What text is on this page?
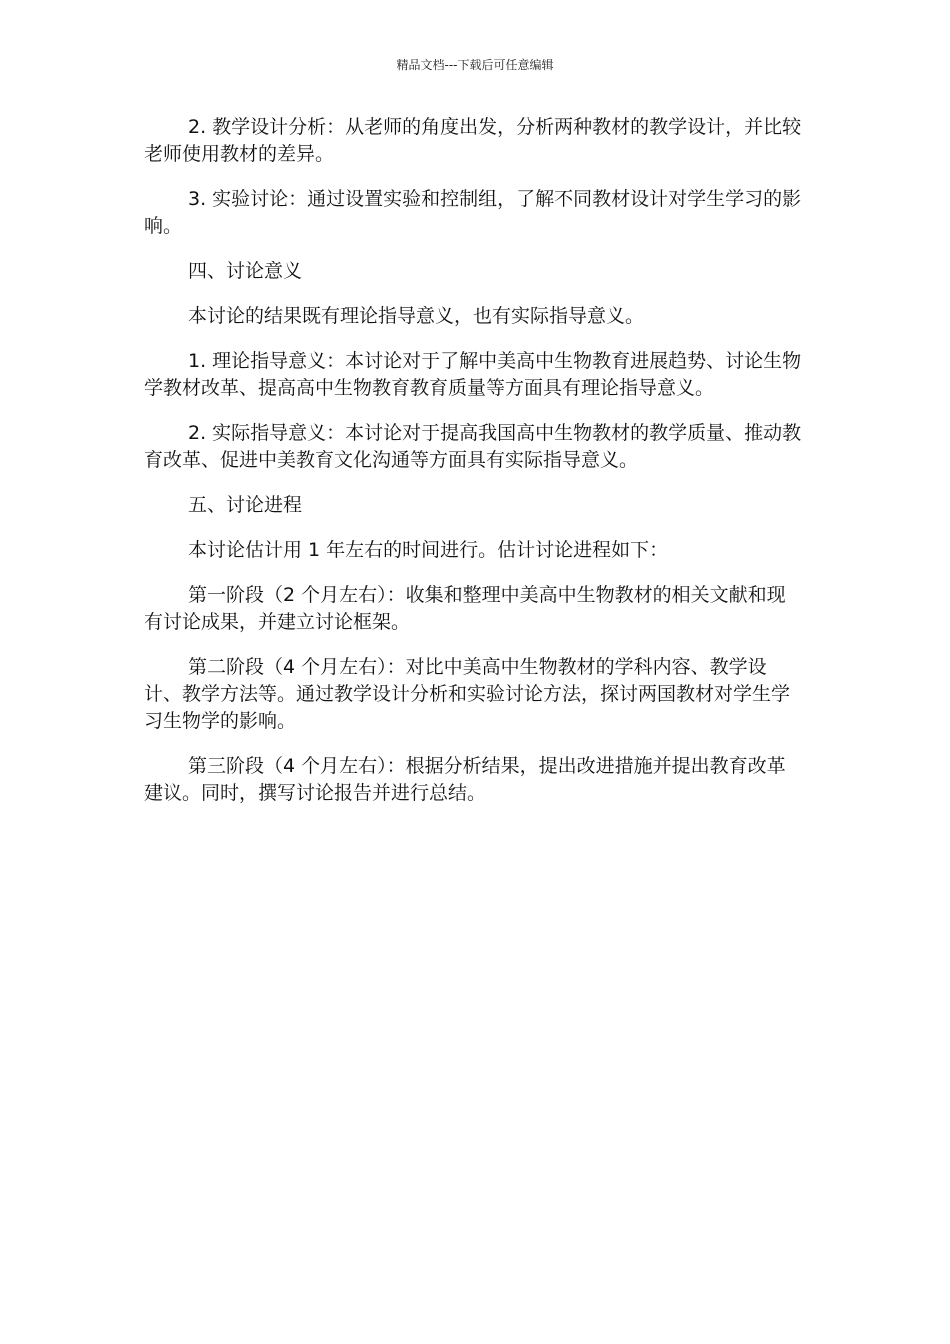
精品文档---下载后可任意编辑

2. 教学设计分析：从老师的角度出发，分析两种教材的教学设计，并比较老师使用教材的差异。

3. 实验讨论：通过设置实验和控制组，了解不同教材设计对学生学习的影响。

四、讨论意义

本讨论的结果既有理论指导意义，也有实际指导意义。

1. 理论指导意义：本讨论对于了解中美高中生物教育进展趋势、讨论生物学教材改革、提高高中生物教育教育质量等方面具有理论指导意义。

2. 实际指导意义：本讨论对于提高我国高中生物教材的教学质量、推动教育改革、促进中美教育文化沟通等方面具有实际指导意义。

五、讨论进程

本讨论估计用 1 年左右的时间进行。估计讨论进程如下：

第一阶段（2 个月左右）：收集和整理中美高中生物教材的相关文献和现有讨论成果，并建立讨论框架。

第二阶段（4 个月左右）：对比中美高中生物教材的学科内容、教学设计、教学方法等。通过教学设计分析和实验讨论方法，探讨两国教材对学生学习生物学的影响。

第三阶段（4 个月左右）：根据分析结果，提出改进措施并提出教育改革建议。同时，撰写讨论报告并进行总结。
